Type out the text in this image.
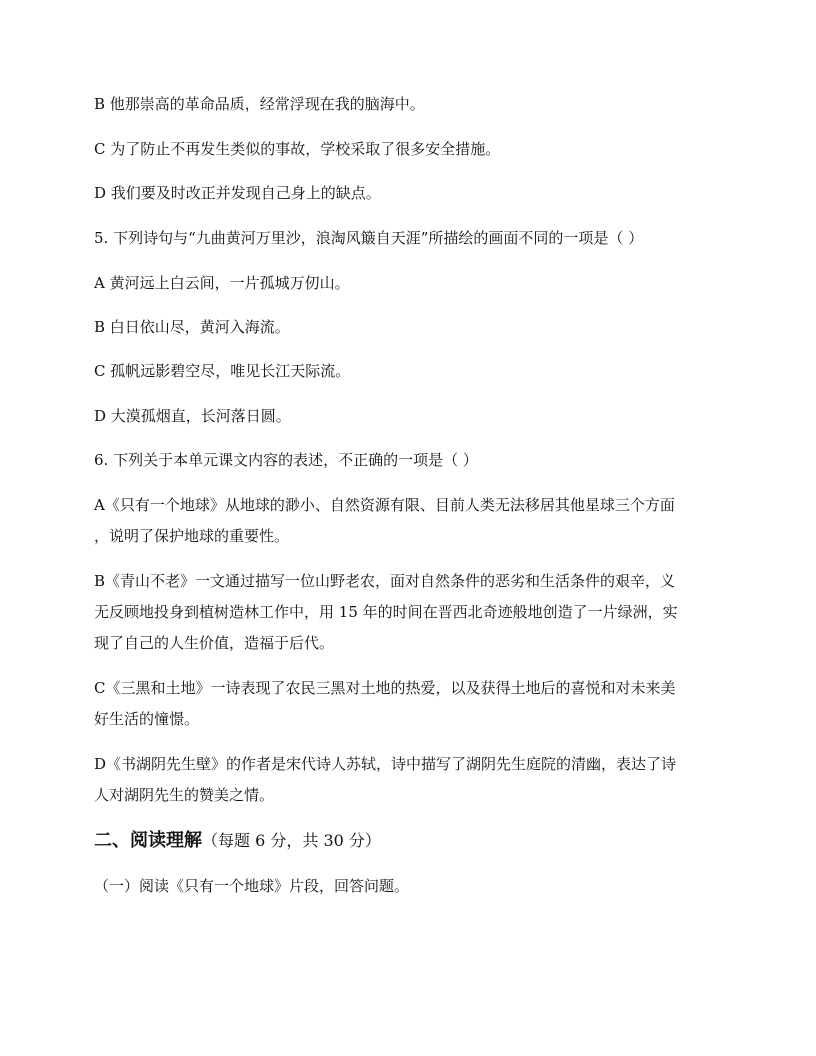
B 他那崇高的革命品质，经常浮现在我的脑海中。
C 为了防止不再发生类似的事故，学校采取了很多安全措施。
D 我们要及时改正并发现自己身上的缺点。
5. 下列诗句与“九曲黄河万里沙，浪淘风簸自天涯”所描绘的画面不同的一项是（ ）
A 黄河远上白云间，一片孤城万仞山。
B 白日依山尽，黄河入海流。
C 孤帆远影碧空尽，唯见长江天际流。
D 大漠孤烟直，长河落日圆。
6. 下列关于本单元课文内容的表述，不正确的一项是（ ）
A《只有一个地球》从地球的渺小、自然资源有限、目前人类无法移居其他星球三个方面
，说明了保护地球的重要性。
B《青山不老》一文通过描写一位山野老农，面对自然条件的恶劣和生活条件的艰辛，义
无反顾地投身到植树造林工作中，用 15 年的时间在晋西北奇迹般地创造了一片绿洲，实
现了自己的人生价值，造福于后代。
C《三黑和土地》一诗表现了农民三黑对土地的热爱，以及获得土地后的喜悦和对未来美
好生活的憧憬。
D《书湖阴先生壁》的作者是宋代诗人苏轼，诗中描写了湖阴先生庭院的清幽，表达了诗
人对湖阴先生的赞美之情。
二、阅读理解（每题 6 分，共 30 分）
（一）阅读《只有一个地球》片段，回答问题。
